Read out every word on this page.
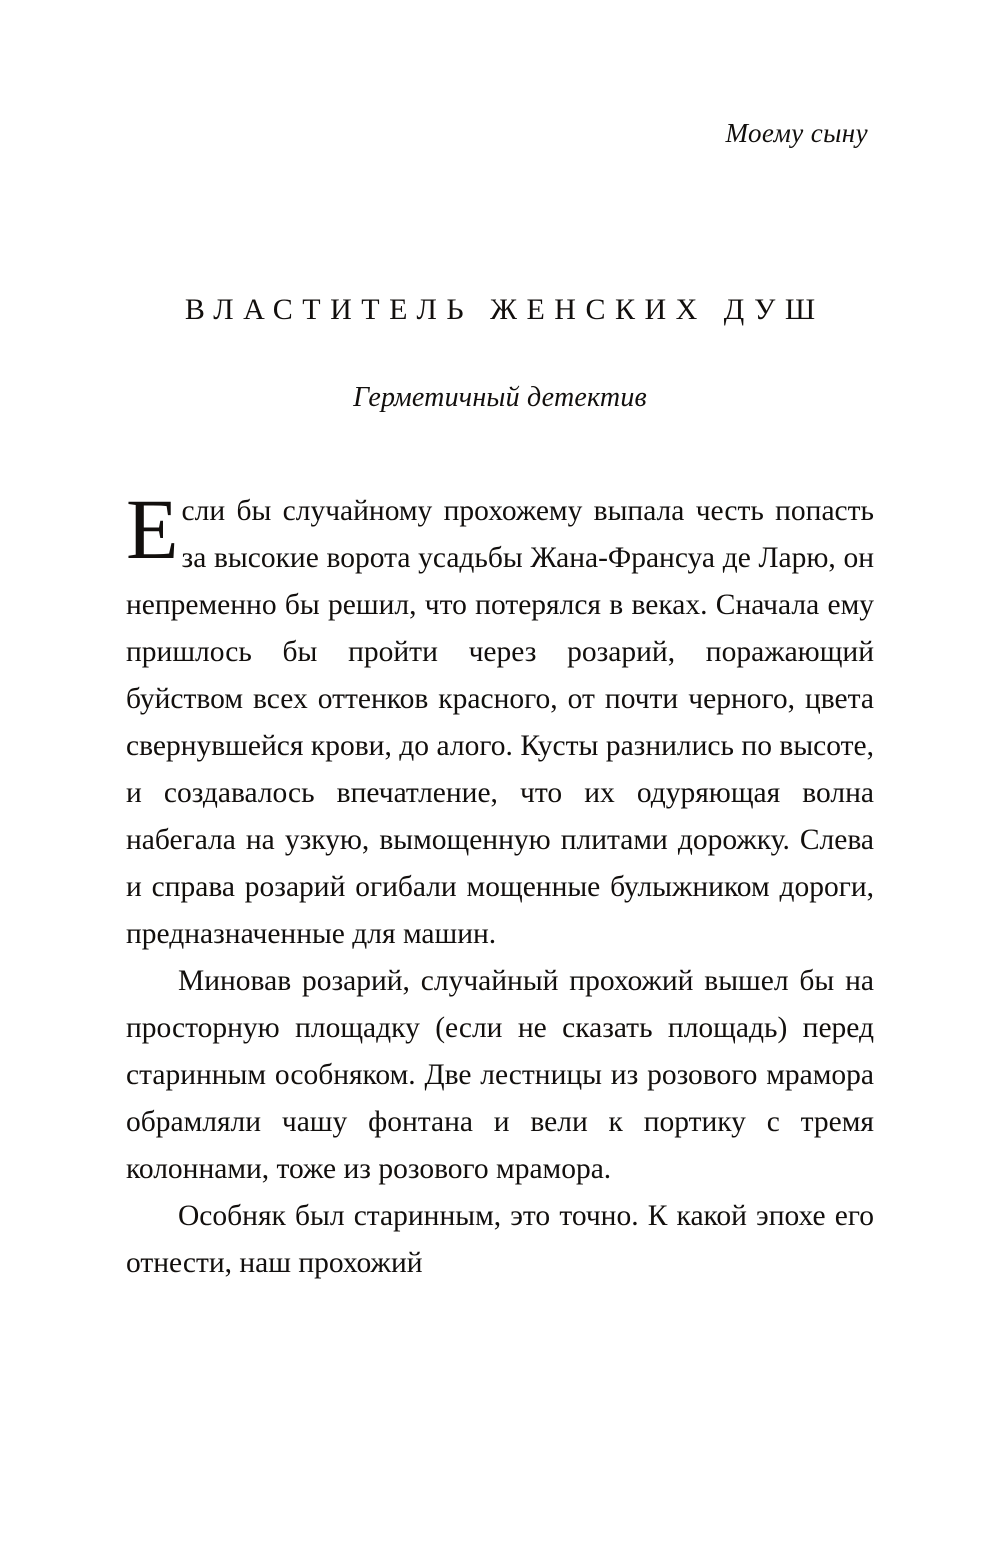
Моему сыну
ВЛАСТИТЕЛЬ ЖЕНСКИХ ДУШ
Герметичный детектив

Если бы случайному прохожему выпала честь попасть за высокие ворота усадьбы Жана-Франсуа де Ларю, он непременно бы решил, что потерялся в веках. Сначала ему пришлось бы пройти через розарий, поражающий буйством всех оттенков красного, от почти черного, цвета свернувшейся крови, до алого. Кусты разнились по высоте, и создавалось впечатление, что их одуряющая волна набегала на узкую, вымощенную плитами дорожку. Слева и справа розарий огибали мощенные булыжником дороги, предназначенные для машин.

Миновав розарий, случайный прохожий вышел бы на просторную площадку (если не сказать площадь) перед старинным особняком. Две лестницы из розового мрамора обрамляли чашу фонтана и вели к портику с тремя колоннами, тоже из розового мрамора.

Особняк был старинным, это точно. К какой эпохе его отнести, наш прохожий
